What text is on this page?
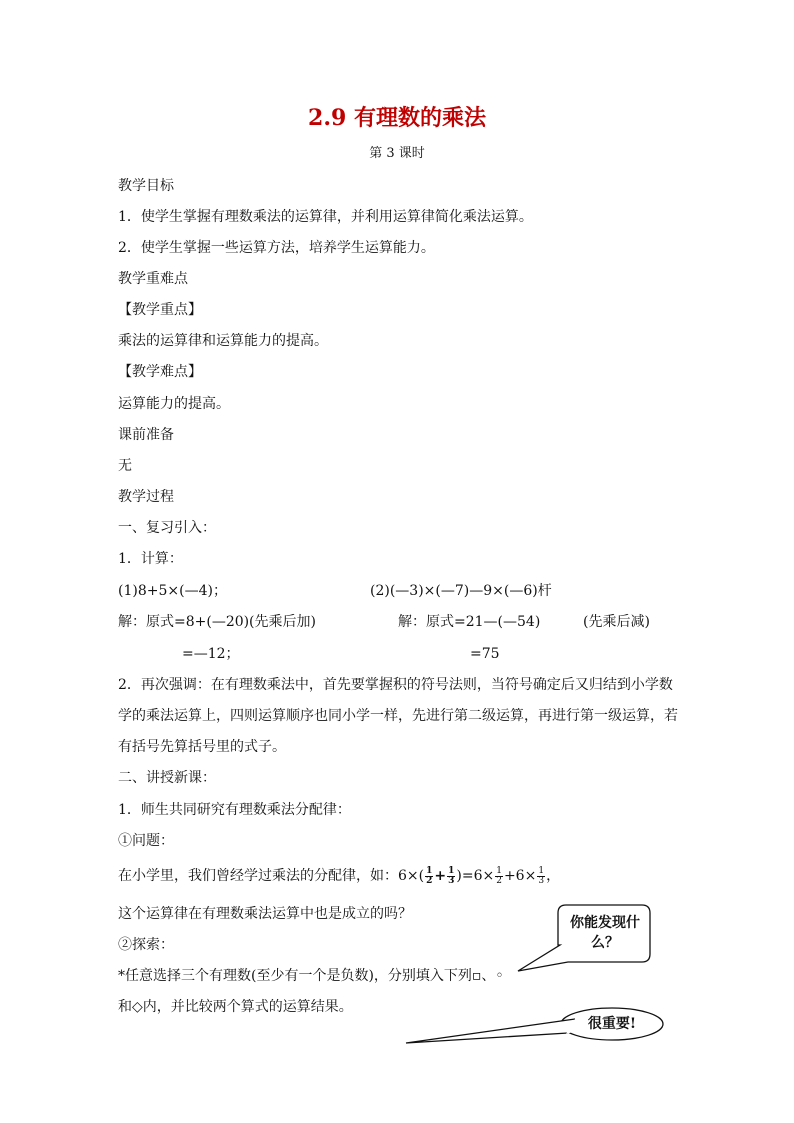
2.9 有理数的乘法
第 3 课时
教学目标
1．使学生掌握有理数乘法的运算律，并利用运算律简化乘法运算。
2．使学生掌握一些运算方法，培养学生运算能力。
教学重难点
【教学重点】
乘法的运算律和运算能力的提高。
【教学难点】
运算能力的提高。
课前准备
无
教学过程
一、复习引入：
1．计算：
(1)8+5×(—4)；	(2)(—3)×(—7)—9×(—6)杆
解：原式=8+(—20) (先乘后加)	解：原式=21—(—54)	(先乘后减)
=—12；	=75
2．再次强调：在有理数乘法中，首先要掌握积的符号法则，当符号确定后又归结到小学数
学的乘法运算上，四则运算顺序也同小学一样，先进行第二级运算，再进行第一级运算，若
有括号先算括号里的式子。
二、讲授新课：
1．师生共同研究有理数乘法分配律：
①问题：
在小学里，我们曾经学过乘法的分配律，如：$6\times( \frac{1}{2} + \frac{1}{3} )=6\times \frac{1}{2} +6\times \frac{1}{3}$ ，
这个运算律在有理数乘法运算中也是成立的吗？
②探索：
*任意选择三个有理数(至少有一个是负数)，分别填入下列▫、◦
和◇内，并比较两个算式的运算结果。
你能发现什么？
很重要!
